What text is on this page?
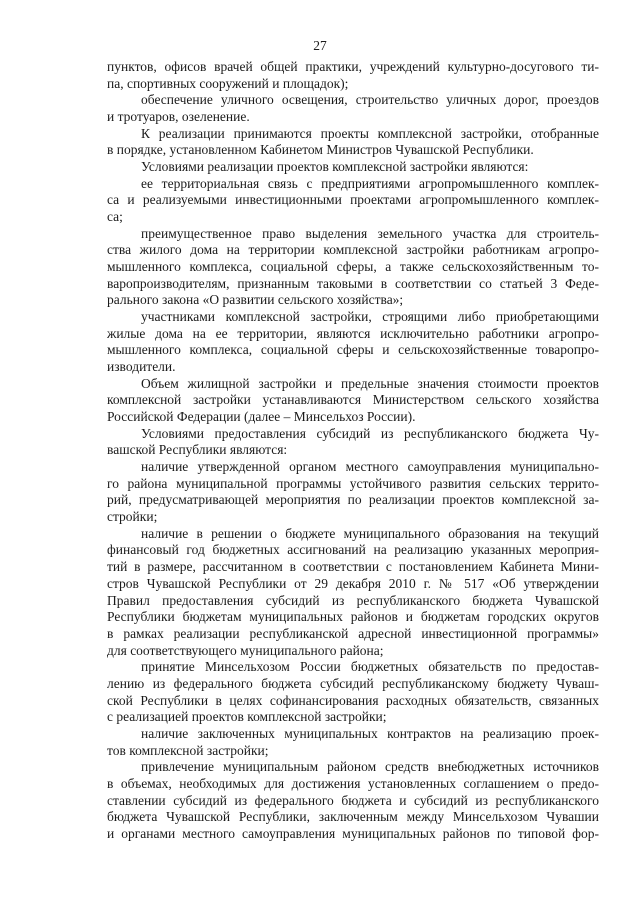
27
пунктов, офисов врачей общей практики, учреждений культурно-досугового ти-
па, спортивных сооружений и площадок);
обеспечение уличного освещения, строительство уличных дорог, проездов
и тротуаров, озеленение.
К реализации принимаются проекты комплексной застройки, отобранные
в порядке, установленном Кабинетом Министров Чувашской Республики.
Условиями реализации проектов комплексной застройки являются:
ее территориальная связь с предприятиями агропромышленного комплек-
са и реализуемыми инвестиционными проектами агропромышленного комплек-
са;
преимущественное право выделения земельного участка для строитель-
ства жилого дома на территории комплексной застройки работникам агропро-
мышленного комплекса, социальной сферы, а также сельскохозяйственным то-
варопроизводителям, признанным таковыми в соответствии со статьей 3 Феде-
рального закона «О развитии сельского хозяйства»;
участниками комплексной застройки, строящими либо приобретающими
жилые дома на ее территории, являются исключительно работники агропро-
мышленного комплекса, социальной сферы и сельскохозяйственные товаропро-
изводители.
Объем жилищной застройки и предельные значения стоимости проектов
комплексной застройки устанавливаются Министерством сельского хозяйства
Российской Федерации (далее – Минсельхоз России).
Условиями предоставления субсидий из республиканского бюджета Чу-
вашской Республики являются:
наличие утвержденной органом местного самоуправления муниципально-
го района муниципальной программы устойчивого развития сельских террито-
рий, предусматривающей мероприятия по реализации проектов комплексной за-
стройки;
наличие в решении о бюджете муниципального образования на текущий
финансовый год бюджетных ассигнований на реализацию указанных мероприя-
тий в размере, рассчитанном в соответствии с постановлением Кабинета Мини-
стров Чувашской Республики от 29 декабря 2010 г. № 517 «Об утверждении
Правил предоставления субсидий из республиканского бюджета Чувашской
Республики бюджетам муниципальных районов и бюджетам городских округов
в рамках реализации республиканской адресной инвестиционной программы»
для соответствующего муниципального района;
принятие Минсельхозом России бюджетных обязательств по предостав-
лению из федерального бюджета субсидий республиканскому бюджету Чуваш-
ской Республики в целях софинансирования расходных обязательств, связанных
с реализацией проектов комплексной застройки;
наличие заключенных муниципальных контрактов на реализацию проек-
тов комплексной застройки;
привлечение муниципальным районом средств внебюджетных источников
в объемах, необходимых для достижения установленных соглашением о предо-
ставлении субсидий из федерального бюджета и субсидий из республиканского
бюджета Чувашской Республики, заключенным между Минсельхозом Чувашии
и органами местного самоуправления муниципальных районов по типовой фор-
